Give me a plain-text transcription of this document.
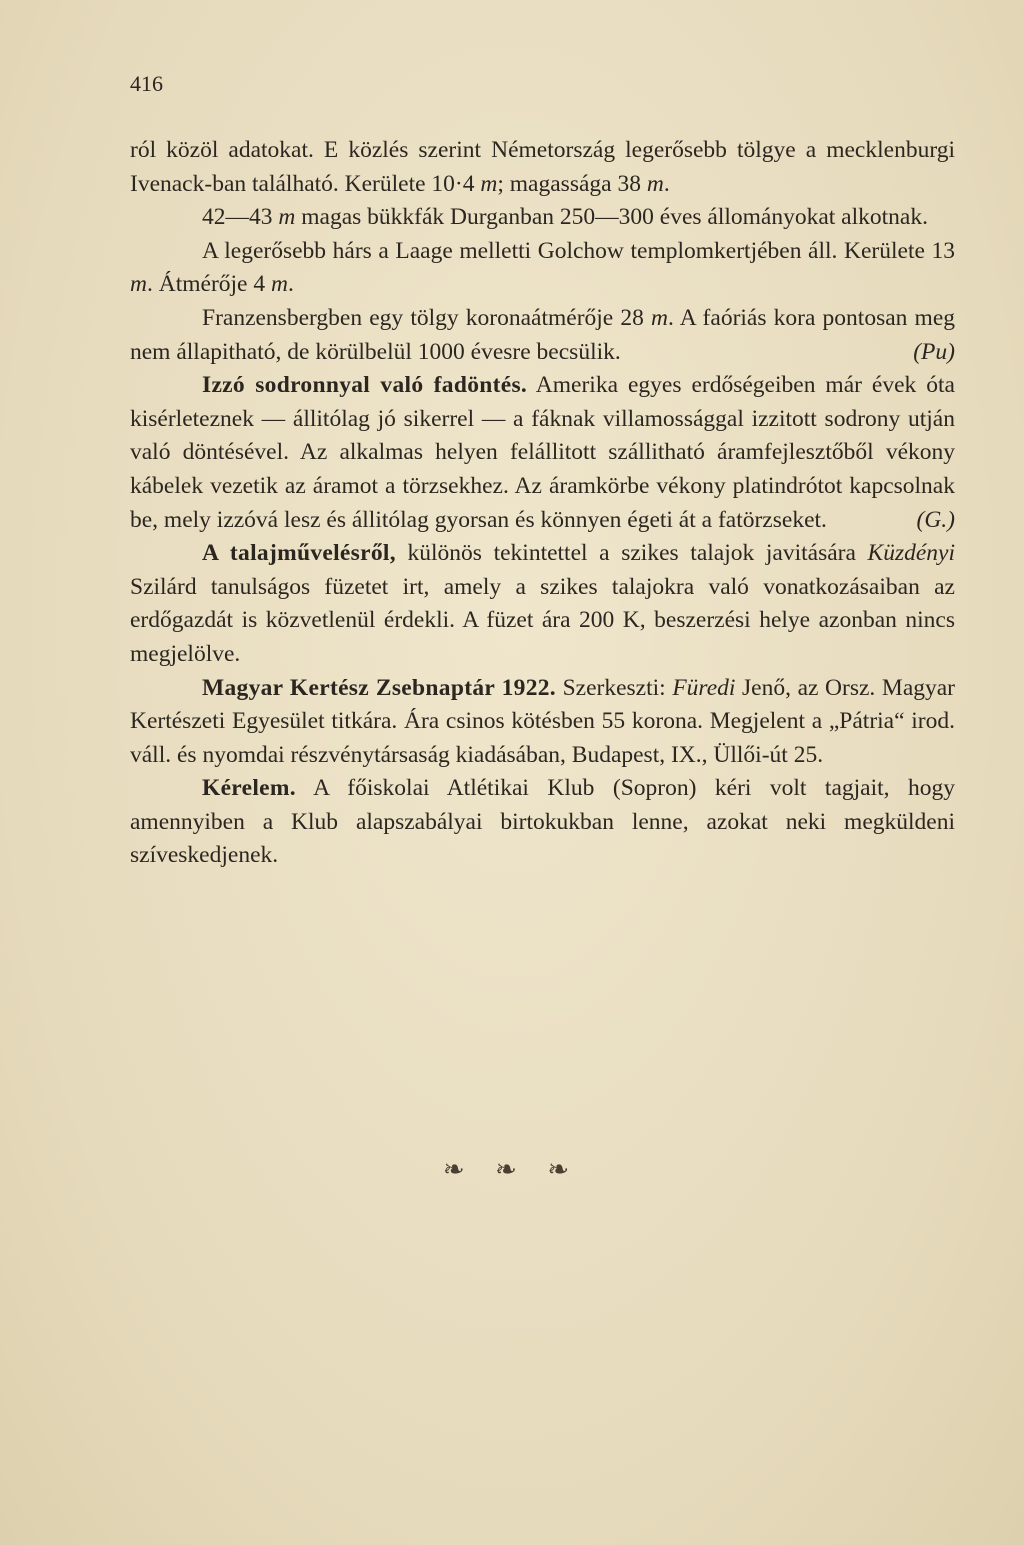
416

ról közöl adatokat. E közlés szerint Németország legerősebb tölgye a mecklenburgi Ivenack-ban található. Kerülete 10·4 m; magassága 38 m.

42—43 m magas bükkfák Durganban 250—300 éves állományokat alkotnak.

A legerősebb hárs a Laage melletti Golchow templomkertjében áll. Kerülete 13 m. Átmérője 4 m.

Franzensbergben egy tölgy koronaátmérője 28 m. A faóriás kora pontosan meg nem állapitható, de körülbelül 1000 évesre becsülik.	(Pu)

Izzó sodronnyal való fadöntés. Amerika egyes erdőségeiben már évek óta kisérleteznek — állitólag jó sikerrel — a fáknak villamossággal izzitott sodrony utján való döntésével. Az alkalmas helyen felállitott szállitható áramfejlesztőből vékony kábelek vezetik az áramot a törzsekhez. Az áramkörbe vékony platindrótot kapcsolnak be, mely izzóvá lesz és állitólag gyorsan és könnyen égeti át a fatörzseket.	(G.)

A talajművelésről, különös tekintettel a szikes talajok javitására Küzdényi Szilárd tanulságos füzetet irt, amely a szikes talajokra való vonatkozásaiban az erdőgazdát is közvetlenül érdekli. A füzet ára 200 K, beszerzési helye azonban nincs megjelölve.

Magyar Kertész Zsebnaptár 1922. Szerkeszti: Füredi Jenő, az Orsz. Magyar Kertészeti Egyesület titkára. Ára csinos kötésben 55 korona. Megjelent a „Pátria“ irod. váll. és nyomdai részvénytársaság kiadásában, Budapest, IX., Üllői-út 25.

Kérelem. A főiskolai Atlétikai Klub (Sopron) kéri volt tagjait, hogy amennyiben a Klub alapszabályai birtokukban lenne, azokat neki megküldeni szíveskedjenek.

❧ ❧ ❧
